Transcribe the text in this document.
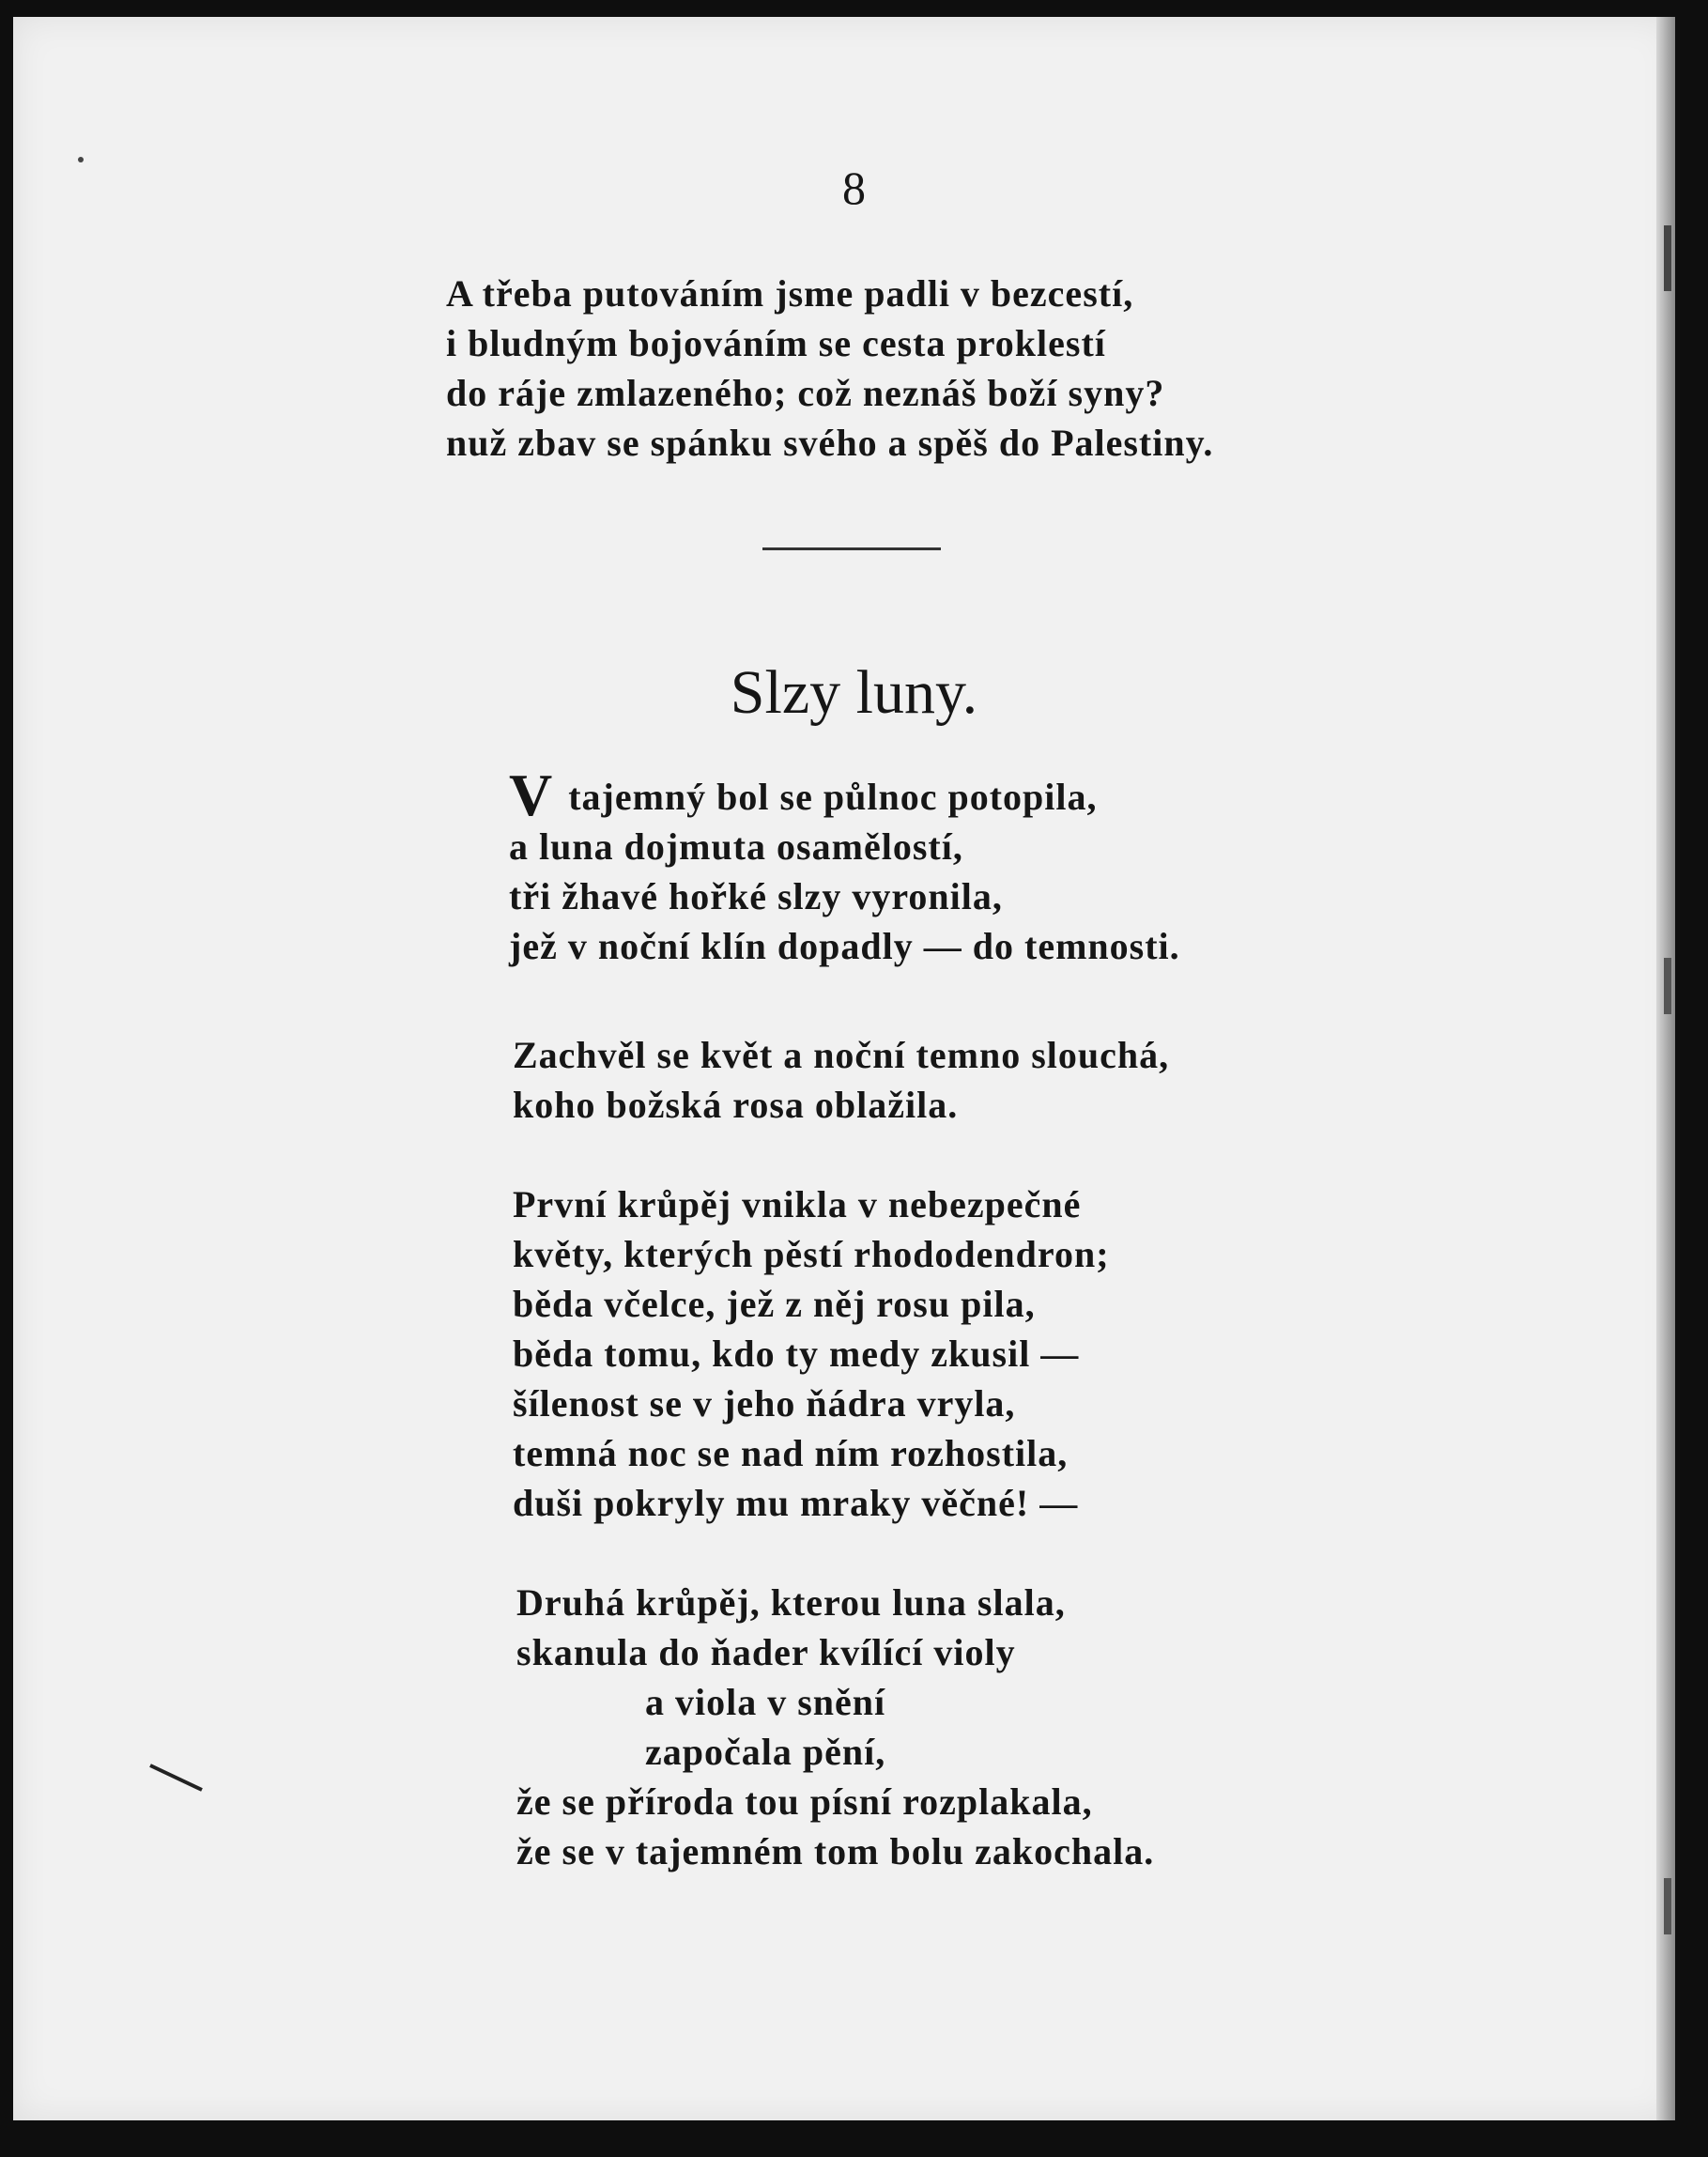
8
A třeba putováním jsme padli v bezcestí,
i bludným bojováním se cesta proklestí
do ráje zmlazeného; což neznáš boží syny?
nuž zbav se spánku svého a spěš do Palestiny.
Slzy luny.
Vtajemný bol se půlnoc potopila,
a luna dojmuta osamělostí,
tři žhavé hořké slzy vyronila,
jež v noční klín dopadly — do temnosti.
Zachvěl se květ a noční temno slouchá,
koho božská rosa oblažila.
První krůpěj vnikla v nebezpečné
květy, kterých pěstí rhododendron;
běda včelce, jež z něj rosu pila,
běda tomu, kdo ty medy zkusil —
šílenost se v jeho ňádra vryla,
temná noc se nad ním rozhostila,
duši pokryly mu mraky věčné! —
Druhá krůpěj, kterou luna slala,
skanula do ňader kvílící violy
a viola v snění
započala pění,
že se příroda tou písní rozplakala,
že se v tajemném tom bolu zakochala.
